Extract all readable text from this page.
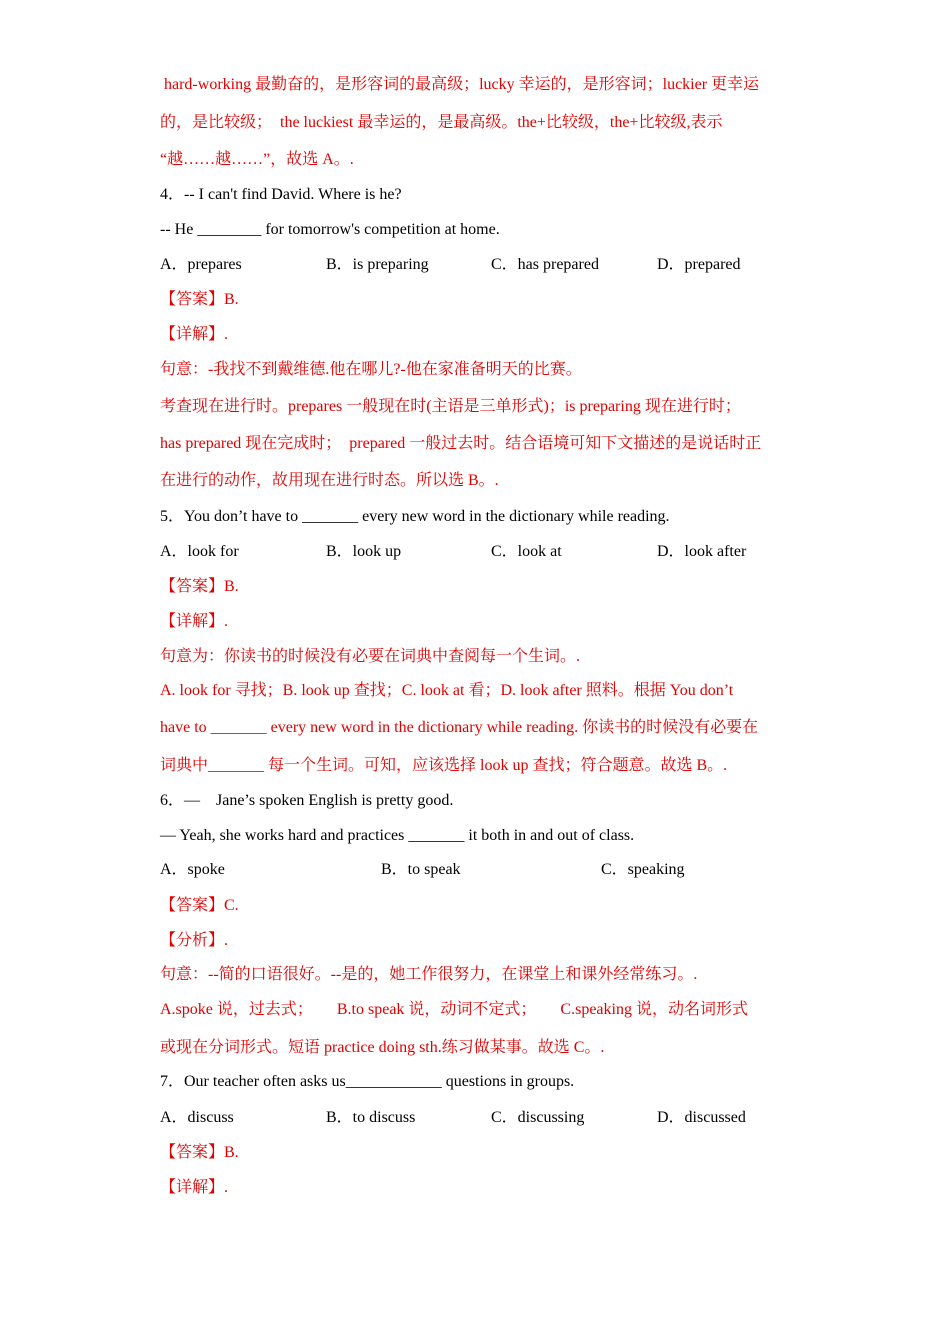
hard-working 最勤奋的，是形容词的最高级；lucky 幸运的，是形容词；luckier 更幸运
的，是比较级；　the luckiest 最幸运的，是最高级。the+比较级，the+比较级,表示
“越……越……”，故选 A。.
4．-- I can't find David. Where is he?
-- He ________ for tomorrow's competition at home.
A．prepares	B．is preparing	C．has prepared	D．prepared
【答案】B.
【详解】.
句意：-我找不到戴维德.他在哪儿?-他在家准备明天的比赛。
考查现在进行时。prepares 一般现在时(主语是三单形式)；is preparing 现在进行时；
has prepared 现在完成时；　prepared 一般过去时。结合语境可知下文描述的是说话时正
在进行的动作，故用现在进行时态。所以选 B。.
5．You don’t have to _______ every new word in the dictionary while reading.
A．look for	B．look up	C．look at	D．look after
【答案】B.
【详解】.
句意为：你读书的时候没有必要在词典中查阅每一个生词。.
A. look for 寻找；B. look up 查找；C. look at 看；D. look after 照料。根据 You don’t
have to _______ every new word in the dictionary while reading. 你读书的时候没有必要在
词典中_______ 每一个生词。可知，应该选择 look up 查找；符合题意。故选 B。.
6．—　Jane’s spoken English is pretty good.
— Yeah, she works hard and practices _______ it both in and out of class.
A．spoke	B．to speak	C．speaking
【答案】C.
【分析】.
句意：--简的口语很好。--是的，她工作很努力，在课堂上和课外经常练习。.
A.spoke 说，过去式；　　B.to speak 说，动词不定式；　　C.speaking 说，动名词形式
或现在分词形式。短语 practice doing sth.练习做某事。故选 C。.
7．Our teacher often asks us____________ questions in groups.
A．discuss	B．to discuss	C．discussing	D．discussed
【答案】B.
【详解】.
